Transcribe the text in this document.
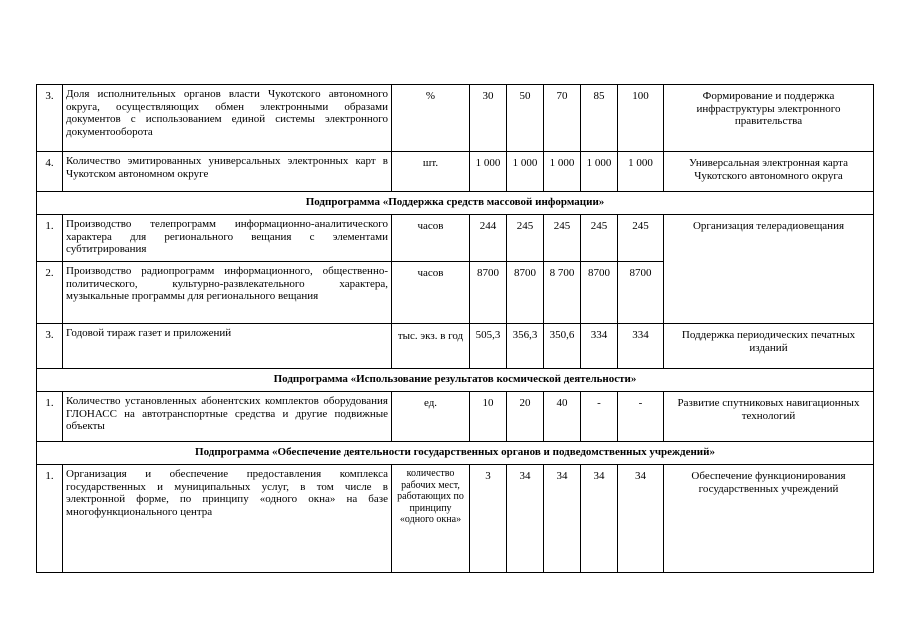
3.	Доля исполнительных органов власти Чукотского автономного округа, осуществляющих обмен электронными образами документов с использованием единой системы электронного документооборота	%	30	50	70	85	100	Формирование и поддержка инфраструктуры электронного правительства
4.	Количество эмитированных универсальных электронных карт в Чукотском автономном округе	шт.	1 000	1 000	1 000	1 000	1 000	Универсальная электронная карта Чукотского автономного округа
Подпрограмма «Поддержка средств массовой информации»								
1.	Производство телепрограмм информационно-аналитического характера для регионального вещания с элементами субтитрирования	часов	244	245	245	245	245	Организация телерадиовещания
2.	Производство радиопрограмм информационного, общественно-политического, культурно-развлекательного характера, музыкальные программы для регионального вещания	часов	8700	8700	8 700	8700	8700	
3.	Годовой тираж газет и приложений	тыс. экз. в год	505,3	356,3	350,6	334	334	Поддержка периодических печатных изданий
Подпрограмма «Использование результатов космической деятельности»								
1.	Количество установленных абонентских комплектов оборудования ГЛОНАСС на автотранспортные средства и другие подвижные объекты	ед.	10	20	40	-	-	Развитие спутниковых навигационных технологий
Подпрограмма «Обеспечение деятельности государственных органов и подведомственных учреждений»								
1.	Организация и обеспечение предоставления комплекса государственных и муниципальных услуг, в том числе в электронной форме, по принципу «одного окна» на базе многофункционального центра	количество рабочих мест, работающих по принципу «одного окна»	3	34	34	34	34	Обеспечение функционирования государственных учреждений
